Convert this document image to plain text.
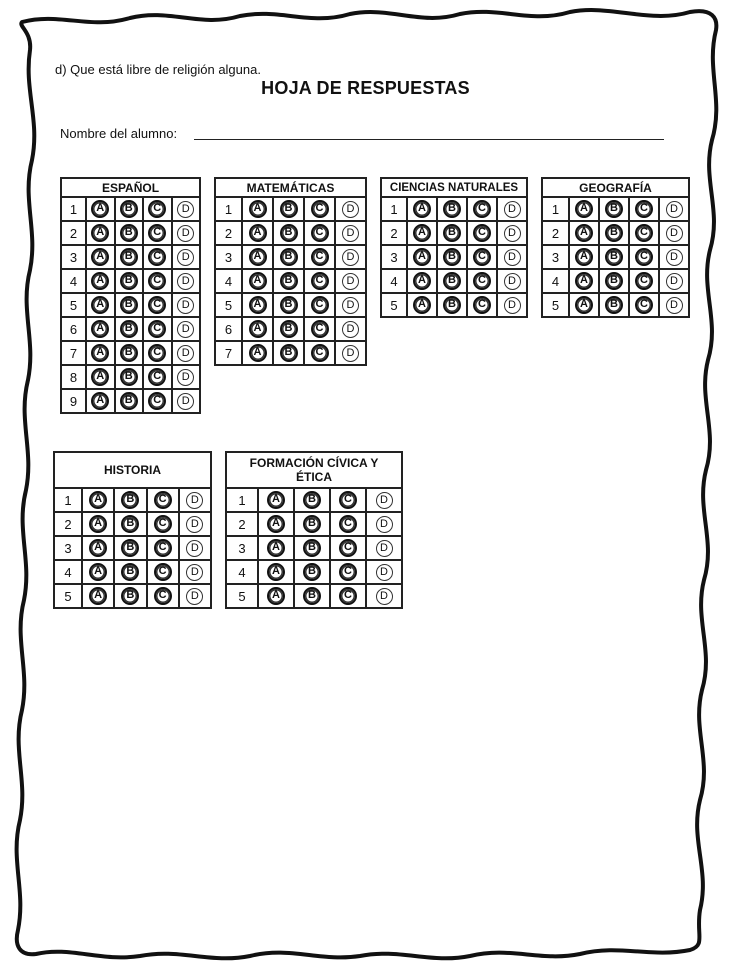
d) Que está libre de religión alguna.
HOJA DE RESPUESTAS
Nombre del alumno:
ESPAÑOL				
1	A	B	C	D
2	A	B	C	D
3	A	B	C	D
4	A	B	C	D
5	A	B	C	D
6	A	B	C	D
7	A	B	C	D
8	A	B	C	D
9	A	B	C	D
MATEMÁTICAS				
1	A	B	C	D
2	A	B	C	D
3	A	B	C	D
4	A	B	C	D
5	A	B	C	D
6	A	B	C	D
7	A	B	C	D
CIENCIAS NATURALES				
1	A	B	C	D
2	A	B	C	D
3	A	B	C	D
4	A	B	C	D
5	A	B	C	D
GEOGRAFÍA				
1	A	B	C	D
2	A	B	C	D
3	A	B	C	D
4	A	B	C	D
5	A	B	C	D
HISTORIA				
1	A	B	C	D
2	A	B	C	D
3	A	B	C	D
4	A	B	C	D
5	A	B	C	D
FORMACIÓN CÍVICA Y ÉTICA				
1	A	B	C	D
2	A	B	C	D
3	A	B	C	D
4	A	B	C	D
5	A	B	C	D
